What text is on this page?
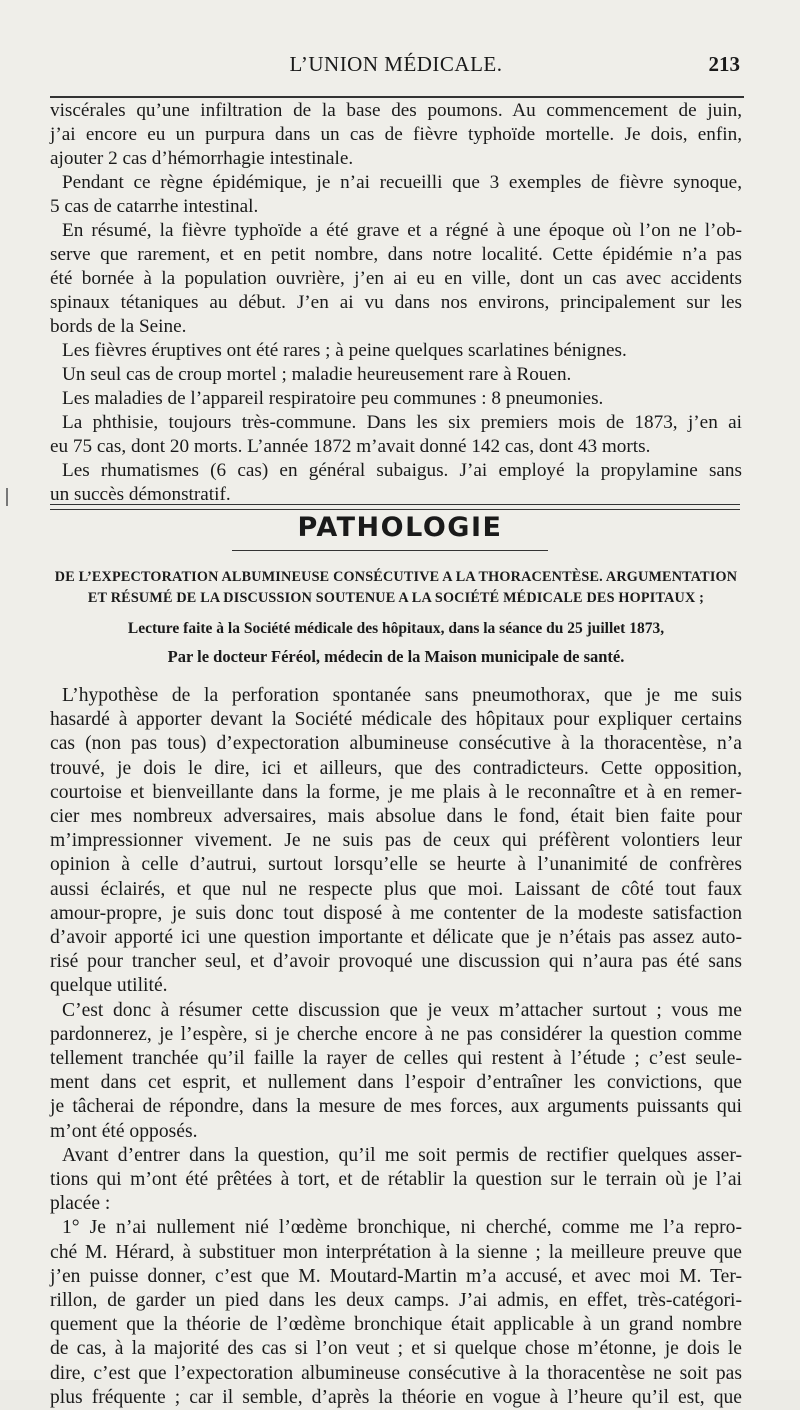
L’UNION MÉDICALE.	213

viscérales qu’une infiltration de la base des poumons. Au commencement de juin,
j’ai encore eu un purpura dans un cas de fièvre typhoïde mortelle. Je dois, enfin,
ajouter 2 cas d’hémorrhagie intestinale.

Pendant ce règne épidémique, je n’ai recueilli que 3 exemples de fièvre synoque,
5 cas de catarrhe intestinal.

En résumé, la fièvre typhoïde a été grave et a régné à une époque où l’on ne l’ob-
serve que rarement, et en petit nombre, dans notre localité. Cette épidémie n’a pas
été bornée à la population ouvrière, j’en ai eu en ville, dont un cas avec accidents
spinaux tétaniques au début. J’en ai vu dans nos environs, principalement sur les
bords de la Seine.

Les fièvres éruptives ont été rares ; à peine quelques scarlatines bénignes.

Un seul cas de croup mortel ; maladie heureusement rare à Rouen.

Les maladies de l’appareil respiratoire peu communes : 8 pneumonies.

La phthisie, toujours très-commune. Dans les six premiers mois de 1873, j’en ai
eu 75 cas, dont 20 morts. L’année 1872 m’avait donné 142 cas, dont 43 morts.

Les rhumatismes (6 cas) en général subaigus. J’ai employé la propylamine sans
un succès démonstratif.

PATHOLOGIE
DE L’EXPECTORATION ALBUMINEUSE CONSÉCUTIVE A LA THORACENTÈSE. ARGUMENTATION
ET RÉSUMÉ DE LA DISCUSSION SOUTENUE A LA SOCIÉTÉ MÉDICALE DES HOPITAUX ;
Lecture faite à la Société médicale des hôpitaux, dans la séance du 25 juillet 1873,
Par le docteur Féréol, médecin de la Maison municipale de santé.

L’hypothèse de la perforation spontanée sans pneumothorax, que je me suis
hasardé à apporter devant la Société médicale des hôpitaux pour expliquer certains
cas (non pas tous) d’expectoration albumineuse consécutive à la thoracentèse, n’a
trouvé, je dois le dire, ici et ailleurs, que des contradicteurs. Cette opposition,
courtoise et bienveillante dans la forme, je me plais à le reconnaître et à en remer-
cier mes nombreux adversaires, mais absolue dans le fond, était bien faite pour
m’impressionner vivement. Je ne suis pas de ceux qui préfèrent volontiers leur
opinion à celle d’autrui, surtout lorsqu’elle se heurte à l’unanimité de confrères
aussi éclairés, et que nul ne respecte plus que moi. Laissant de côté tout faux
amour-propre, je suis donc tout disposé à me contenter de la modeste satisfaction
d’avoir apporté ici une question importante et délicate que je n’étais pas assez auto-
risé pour trancher seul, et d’avoir provoqué une discussion qui n’aura pas été sans
quelque utilité.

C’est donc à résumer cette discussion que je veux m’attacher surtout ; vous me
pardonnerez, je l’espère, si je cherche encore à ne pas considérer la question comme
tellement tranchée qu’il faille la rayer de celles qui restent à l’étude ; c’est seule-
ment dans cet esprit, et nullement dans l’espoir d’entraîner les convictions, que
je tâcherai de répondre, dans la mesure de mes forces, aux arguments puissants qui
m’ont été opposés.

Avant d’entrer dans la question, qu’il me soit permis de rectifier quelques asser-
tions qui m’ont été prêtées à tort, et de rétablir la question sur le terrain où je l’ai
placée :

1° Je n’ai nullement nié l’œdème bronchique, ni cherché, comme me l’a repro-
ché M. Hérard, à substituer mon interprétation à la sienne ; la meilleure preuve que
j’en puisse donner, c’est que M. Moutard-Martin m’a accusé, et avec moi M. Ter-
rillon, de garder un pied dans les deux camps. J’ai admis, en effet, très-catégori-
quement que la théorie de l’œdème bronchique était applicable à un grand nombre
de cas, à la majorité des cas si l’on veut ; et si quelque chose m’étonne, je dois le
dire, c’est que l’expectoration albumineuse consécutive à la thoracentèse ne soit pas
plus fréquente ; car il semble, d’après la théorie en vogue à l’heure qu’il est, que
